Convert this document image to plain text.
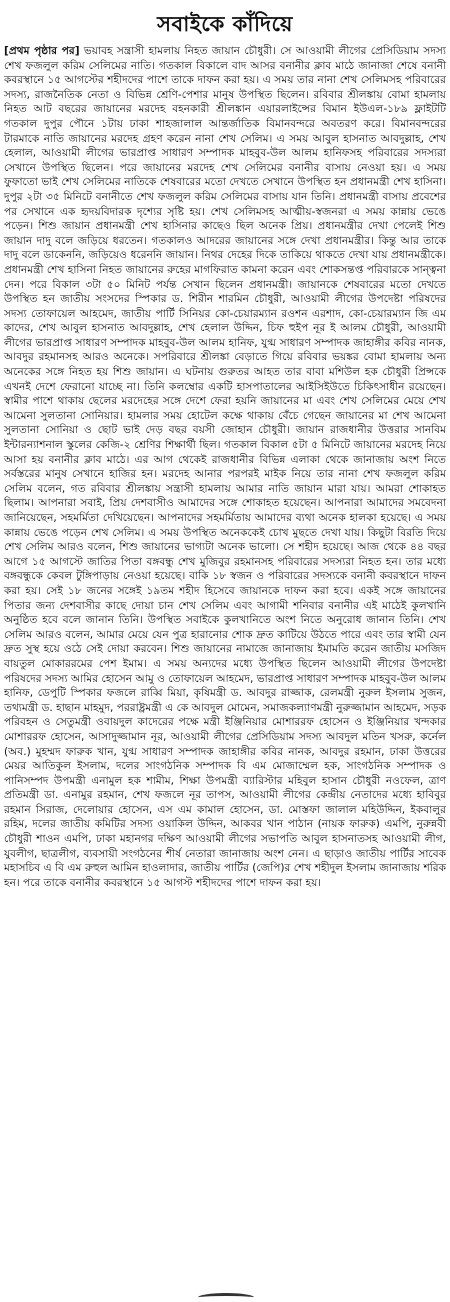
সবাইকে কাঁদিয়ে

[প্রথম পৃষ্ঠার পর] ভয়াবহ সন্ত্রাসী হামলায় নিহত জায়ান চৌধুরী। সে আওয়ামী লীগের প্রেসিডিয়াম সদস্য শেখ ফজলুল করিম সেলিমের নাতি। গতকাল বিকালে বাদ আসর বনানীর ক্লাব মাঠে জানাজা শেষে বনানী কবরস্থানে ১৫ আগস্টের শহীদদের পাশে তাকে দাফন করা হয়। এ সময় তার নানা শেখ সেলিমসহ পরিবারের সদস্য, রাজনৈতিক নেতা ও বিভিন্ন শ্রেণি-পেশার মানুষ উপস্থিত ছিলেন। রবিবার শ্রীলঙ্কায় বোমা হামলায় নিহত আট বছরের জায়ানের মরদেহ বহনকারী শ্রীলঙ্কান এয়ারলাইন্সের বিমান ইউএল-১৮৯ ফ্লাইটটি গতকাল দুপুর পৌনে ১টায় ঢাকা শাহজালাল আন্তর্জাতিক বিমানবন্দরে অবতরণ করে। বিমানবন্দরের টারমাকে নাতি জায়ানের মরদেহ গ্রহণ করেন নানা শেখ সেলিম। এ সময় আবুল হাসনাত আবদুল্লাহ, শেখ হেলাল, আওয়ামী লীগের ভারপ্রাপ্ত সাধারণ সম্পাদক মাহবুব-উল আলম হানিফসহ পরিবারের সদস্যরা সেখানে উপস্থিত ছিলেন। পরে জায়ানের মরদেহ শেখ সেলিমের বনানীর বাসায় নেওয়া হয়। এ সময় ফুফাতো ভাই শেখ সেলিমের নাতিকে শেষবারের মতো দেখতে সেখানে উপস্থিত হন প্রধানমন্ত্রী শেখ হাসিনা। দুপুর ২টা ৩৫ মিনিটে বনানীতে শেখ ফজলুল করিম সেলিমের বাসায় যান তিনি। প্রধানমন্ত্রী বাসায় প্রবেশের পর সেখানে এক হৃদয়বিদারক দৃশ্যের সৃষ্টি হয়। শেখ সেলিমসহ আত্মীয়-স্বজনরা এ সময় কান্নায় ভেঙে পড়েন। শিশু জায়ান প্রধানমন্ত্রী শেখ হাসিনার কাছেও ছিল অনেক প্রিয়। প্রধানমন্ত্রীর দেখা পেলেই শিশু জায়ান দাদু বলে জড়িয়ে ধরতেন। গতকালও আদরের জায়ানের সঙ্গে দেখা প্রধানমন্ত্রীর। কিন্তু আর তাকে দাদু বলে ডাকেননি, জড়িয়েও ধরেননি জায়ান। নিথর দেহের দিকে তাকিয়ে থাকতে দেখা যায় প্রধানমন্ত্রীকে। প্রধানমন্ত্রী শেখ হাসিনা নিহত জায়ানের রুহের মাগফিরাত কামনা করেন এবং শোকসন্তপ্ত পরিবারকে সান্ত্বনা দেন। পরে বিকাল ৩টা ৫০ মিনিট পর্যন্ত সেখান ছিলেন প্রধানমন্ত্রী। জায়ানকে শেষবারের মতো দেখতে উপস্থিত হন জাতীয় সংসদের স্পিকার ড. শিরীন শারমিন চৌধুরী, আওয়ামী লীগের উপদেষ্টা পরিষদের সদস্য তোফায়েল আহমেদ, জাতীয় পার্টি সিনিয়র কো-চেয়ারম্যান রওশন এরশাদ, কো-চেয়ারম্যান জি এম কাদের, শেখ আবুল হাসনাত আবদুল্লাহ, শেখ হেলাল উদ্দিন, চিফ হুইপ নূর ই আলম চৌধুরী, আওয়ামী লীগের ভারপ্রাপ্ত সাধারণ সম্পাদক মাহবুব-উল আলম হানিফ, যুগ্ম সাধারণ সম্পাদক জাহাঙ্গীর কবির নানক, আবদুর রহমানসহ আরও অনেকে। সপরিবারে শ্রীলঙ্কা বেড়াতে গিয়ে রবিবার ভয়ঙ্কর বোমা হামলায় অন্য অনেকের সঙ্গে নিহত হয় শিশু জায়ান। এ ঘটনায় গুরুতর আহত তার বাবা মশিউল হক চৌধুরী প্রিন্সকে এখনই দেশে ফেরানো যাচ্ছে না। তিনি কলম্বোর একটি হাসপাতালের আইসিইউতে চিকিৎসাধীন রয়েছেন। স্বামীর পাশে থাকায় ছেলের মরদেহের সঙ্গে দেশে ফেরা হয়নি জায়ানের মা এবং শেখ সেলিমের মেয়ে শেখ আমেনা সুলতানা সোনিয়ার। হামলার সময় হোটেল কক্ষে থাকায় বেঁচে গেছেন জায়ানের মা শেখ আমেনা সুলতানা সোনিয়া ও ছোট ভাই দেড় বছর বয়সী জোহান চৌধুরী। জায়ান রাজধানীর উত্তরার সানবিম ইন্টারন্যাশনাল স্কুলের কেজি-২ শ্রেণির শিক্ষার্থী ছিল। গতকাল বিকাল ৫টা ৫ মিনিটে জায়ানের মরদেহ নিয়ে আসা হয় বনানীর ক্লাব মাঠে। এর আগ থেকেই রাজধানীর বিভিন্ন এলাকা থেকে জানাজায় অংশ নিতে সর্বস্তরের মানুষ সেখানে হাজির হন। মরদেহ আনার পরপরই মাইক নিয়ে তার নানা শেখ ফজলুল করিম সেলিম বলেন, গত রবিবার শ্রীলঙ্কায় সন্ত্রাসী হামলায় আমার নাতি জায়ান মারা যায়। আমরা শোকাহত ছিলাম। আপনারা সবাই, প্রিয় দেশবাসীও আমাদের সঙ্গে শোকাহত হয়েছেন। আপনারা আমাদের সমবেদনা জানিয়েছেন, সহমর্মিতা দেখিয়েছেন। আপনাদের সহমর্মিতায় আমাদের ব্যথা অনেক হালকা হয়েছে। এ সময় কান্নায় ভেঙে পড়েন শেখ সেলিম। এ সময় উপস্থিত অনেককেই চোখ মুছতে দেখা যায়। কিছুটা বিরতি দিয়ে শেখ সেলিম আরও বলেন, শিশু জায়ানের ভাগ্যটা অনেক ভালো। সে শহীদ হয়েছে। আজ থেকে ৪৪ বছর আগে ১৫ আগস্টে জাতির পিতা বঙ্গবন্ধু শেখ মুজিবুর রহমানসহ পরিবারের সদস্যরা নিহত হন। তার মধ্যে বঙ্গবন্ধুকে কেবল টুঙ্গিপাড়ায় নেওয়া হয়েছে। বাকি ১৮ স্বজন ও পরিবারের সদস্যকে বনানী কবরস্থানে দাফন করা হয়। সেই ১৮ জনের সঙ্গেই ১৯তম শহীদ হিসেবে জায়ানকে দাফন করা হবে। একই সঙ্গে জায়ানের পিতার জন্য দেশবাসীর কাছে দোয়া চান শেখ সেলিম এবং আগামী শনিবার বনানীর এই মাঠেই কুলখানি অনুষ্ঠিত হবে বলে জানান তিনি। উপস্থিত সবাইকে কুলখানিতে অংশ নিতে অনুরোধ জানান তিনি। শেখ সেলিম আরও বলেন, আমার মেয়ে যেন পুত্র হারানোর শোক দ্রুত কাটিয়ে উঠতে পারে এবং তার স্বামী যেন দ্রুত সুস্থ হয়ে ওঠে সেই দোয়া করবেন। শিশু জায়ানের নামাজে জানাজায় ইমামতি করেন জাতীয় মসজিদ বায়তুল মোকাররমের পেশ ইমাম। এ সময় অন্যদের মধ্যে উপস্থিত ছিলেন আওয়ামী লীগের উপদেষ্টা পরিষদের সদস্য আমির হোসেন আমু ও তোফায়েল আহমেদ, ভারপ্রাপ্ত সাধারণ সম্পাদক মাহবুব-উল আলম হানিফ, ডেপুটি স্পিকার ফজলে রাব্বি মিয়া, কৃষিমন্ত্রী ড. আবদুর রাজ্জাক, রেলমন্ত্রী নুরুল ইসলাম সুজন, তথ্যমন্ত্রী ড. হাছান মাহমুদ, পররাষ্ট্রমন্ত্রী এ কে আবদুল মোমেন, সমাজকল্যাণমন্ত্রী নুরুজ্জামান আহমেদ, সড়ক পরিবহন ও সেতুমন্ত্রী ওবায়দুল কাদেরের পক্ষে মন্ত্রী ইঞ্জিনিয়ার মোশাররফ হোসেন ও ইঞ্জিনিয়ার খন্দকার মোশাররফ হোসেন, আসাদুজ্জামান নূর, আওয়ামী লীগের প্রেসিডিয়াম সদস্য আবদুল মতিন খসরু, কর্নেল (অব.) মুহম্মদ ফারুক খান, যুগ্ম সাধারণ সম্পাদক জাহাঙ্গীর কবির নানক, আবদুর রহমান, ঢাকা উত্তরের মেয়র আতিকুল ইসলাম, দলের সাংগঠনিক সম্পাদক বি এম মোজাম্মেল হক, সাংগঠনিক সম্পাদক ও পানিসম্পদ উপমন্ত্রী এনামুল হক শামীম, শিক্ষা উপমন্ত্রী ব্যারিস্টার মহিবুল হাসান চৌধুরী নওফেল, ত্রাণ প্রতিমন্ত্রী ডা. এনামুর রহমান, শেখ ফজলে নূর তাপস, আওয়ামী লীগের কেন্দ্রীয় নেতাদের মধ্যে হাবিবুর রহমান সিরাজ, দেলোয়ার হোসেন, এস এম কামাল হোসেন, ডা. মোস্তফা জালাল মহিউদ্দিন, ইকবালুর রহিম, দলের জাতীয় কমিটির সদস্য ওয়াকিল উদ্দিন, আকবর খান পাঠান (নায়ক ফারুক) এমপি, নুরুন্নবী চৌধুরী শাওন এমপি, ঢাকা মহানগর দক্ষিণ আওয়ামী লীগের সভাপতি আবুল হাসনাতসহ আওয়ামী লীগ, যুবলীগ, ছাত্রলীগ, ব্যবসায়ী সংগঠনের শীর্ষ নেতারা জানাজায় অংশ নেন। এ ছাড়াও জাতীয় পার্টির সাবেক মহাসচিব এ বি এম রুহুল আমিন হাওলাদার, জাতীয় পার্টির (জেপি)র শেখ শহীদুল ইসলাম জানাজায় শরিক হন। পরে তাকে বনানীর কবরস্থানে ১৫ আগস্ট শহীদদের পাশে দাফন করা হয়।
